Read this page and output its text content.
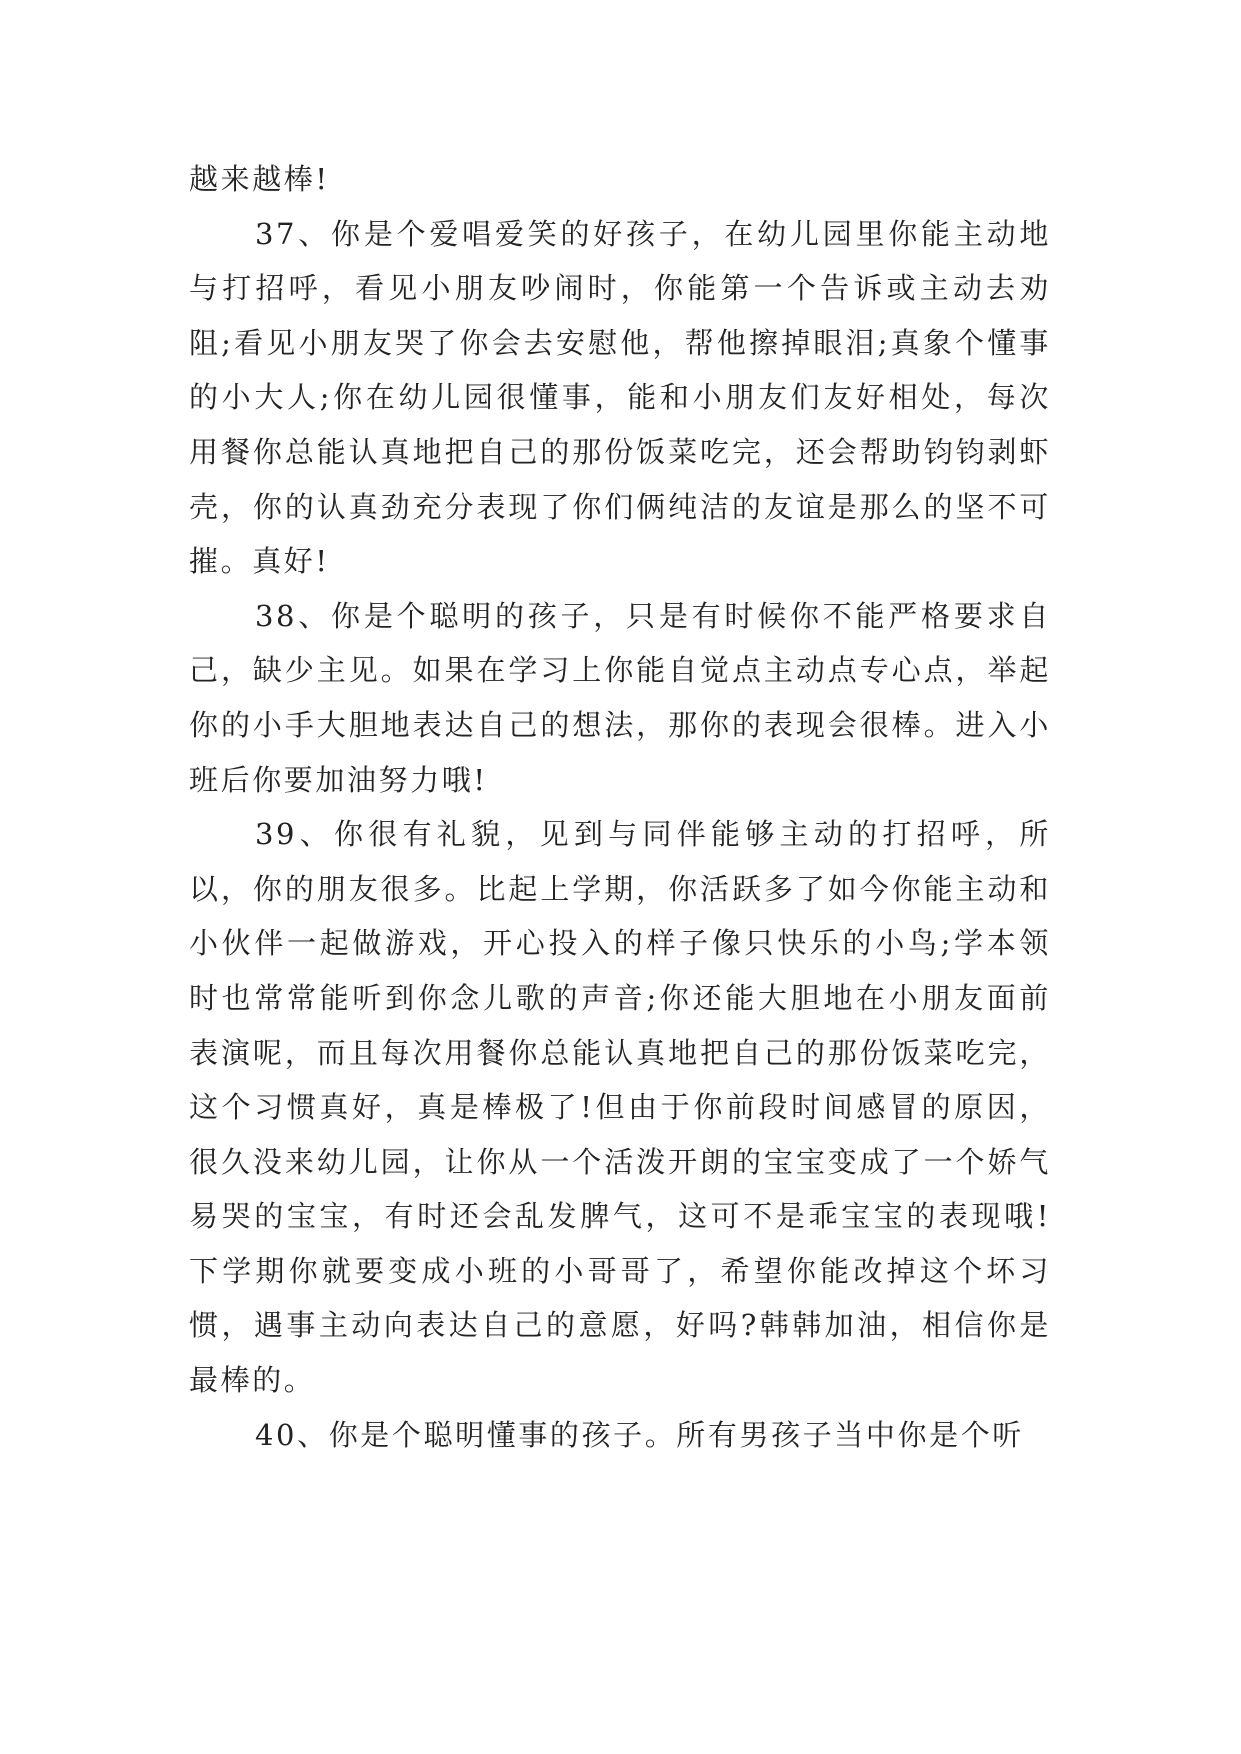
越来越棒!

37、你是个爱唱爱笑的好孩子，在幼儿园里你能主动地与打招呼，看见小朋友吵闹时，你能第一个告诉或主动去劝阻;看见小朋友哭了你会去安慰他，帮他擦掉眼泪;真象个懂事的小大人;你在幼儿园很懂事，能和小朋友们友好相处，每次用餐你总能认真地把自己的那份饭菜吃完，还会帮助钧钧剥虾壳，你的认真劲充分表现了你们俩纯洁的友谊是那么的坚不可摧。真好!

38、你是个聪明的孩子，只是有时候你不能严格要求自己，缺少主见。如果在学习上你能自觉点主动点专心点，举起你的小手大胆地表达自己的想法，那你的表现会很棒。进入小班后你要加油努力哦!

39、你很有礼貌，见到与同伴能够主动的打招呼，所以，你的朋友很多。比起上学期，你活跃多了如今你能主动和小伙伴一起做游戏，开心投入的样子像只快乐的小鸟;学本领时也常常能听到你念儿歌的声音;你还能大胆地在小朋友面前表演呢，而且每次用餐你总能认真地把自己的那份饭菜吃完，这个习惯真好，真是棒极了!但由于你前段时间感冒的原因，很久没来幼儿园，让你从一个活泼开朗的宝宝变成了一个娇气易哭的宝宝，有时还会乱发脾气，这可不是乖宝宝的表现哦!下学期你就要变成小班的小哥哥了，希望你能改掉这个坏习惯，遇事主动向表达自己的意愿，好吗?韩韩加油，相信你是最棒的。

40、你是个聪明懂事的孩子。所有男孩子当中你是个听
